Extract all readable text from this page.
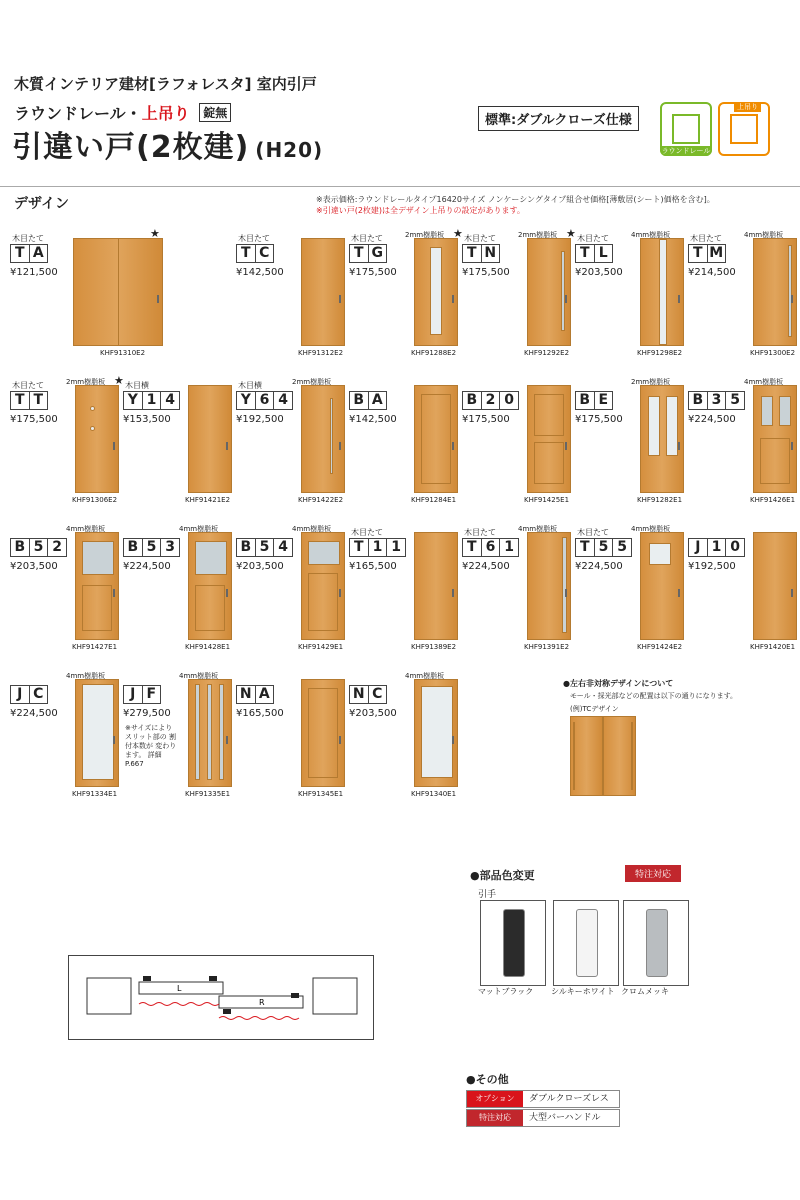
木質インテリア建材[ラフォレスタ] 室内引戸
ラウンドレール・上吊り 錠無
引違い戸(2枚建) (H20)
標準:ダブルクローズ仕様
ラウンドレール
上吊り
デザイン	※表示価格:ラウンドレールタイプ16420サイズ ノンケーシングタイプ組合せ価格[薄敷居(シート)価格を含む]。
※引違い戸(2枚建)は全デザイン上吊りの設定があります。
木目たて
T A
¥121,500
★
KHF91310E2
木目たて
T C
¥142,500
KHF91312E2
木目たて
T G
¥175,500
2mm樹脂板 ★
KHF91288E2
木目たて
T N
¥175,500
2mm樹脂板 ★
KHF91292E2
木目たて
T L
¥203,500
4mm樹脂板
KHF91298E2
木目たて
T M
¥214,500
4mm樹脂板
KHF91300E2
木目たて
T T
¥175,500
2mm樹脂板 ★
KHF91306E2
木目横
Y 1 4
¥153,500
KHF91421E2
木目横
Y 6 4
¥192,500
2mm樹脂板
KHF91422E2
B A
¥142,500
KHF91284E1
B 2 0
¥175,500
KHF91425E1
B E
¥175,500
2mm樹脂板
KHF91282E1
B 3 5
¥224,500
4mm樹脂板
KHF91426E1
B 5 2
¥203,500
4mm樹脂板
KHF91427E1
B 5 3
¥224,500
4mm樹脂板
KHF91428E1
B 5 4
¥203,500
4mm樹脂板
KHF91429E1
木目たて
T 1 1
¥165,500
KHF91389E2
木目たて
T 6 1
¥224,500
4mm樹脂板
KHF91391E2
木目たて
T 5 5
¥224,500
4mm樹脂板
KHF91424E2
J 1 0
¥192,500
KHF91420E1
J C
¥224,500
4mm樹脂板
KHF91334E1
J F
¥279,500
4mm樹脂板
KHF91335E1
N A
¥165,500
KHF91345E1
N C
¥203,500
4mm樹脂板
KHF91340E1
※サイズにより スリット部の 割付本数が 変わります。 詳細P.667
●左右非対称デザインについて
モール・採光部などの配置は以下の通りになります。
(例)TCデザイン
L
R
●部品色変更	特注対応
引手
マットブラック シルキーホワイト クロムメッキ
●その他
オプション	ダブルクローズレス
特注対応	大型バーハンドル
